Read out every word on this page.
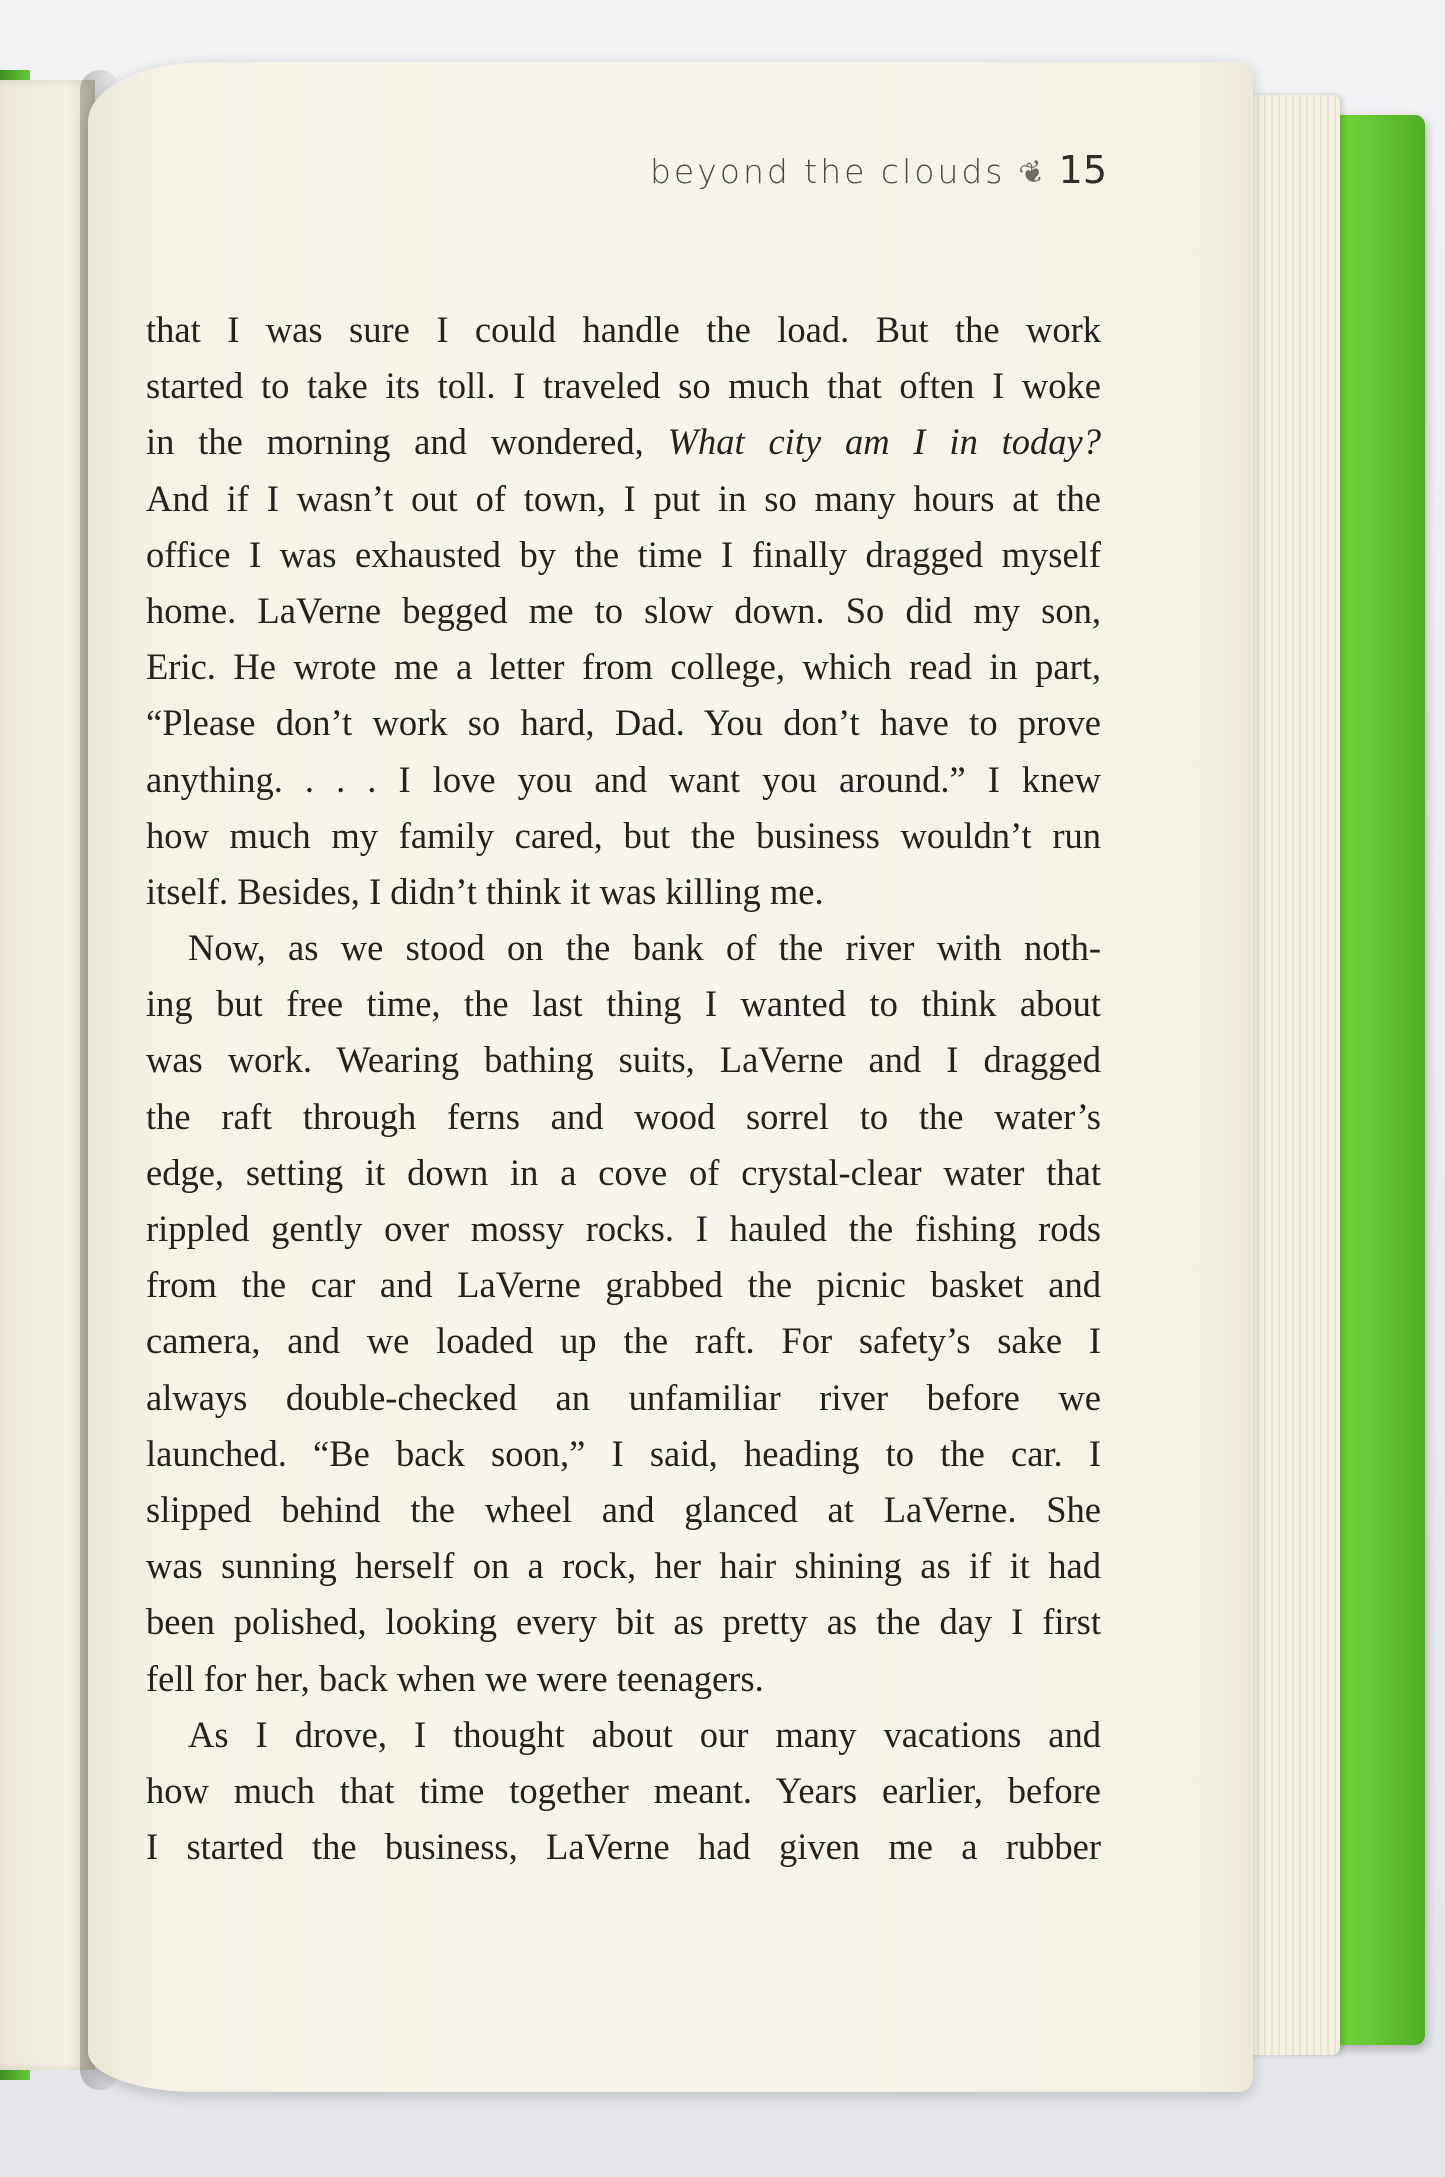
beyond the clouds ❦ 15
that I was sure I could handle the load. But the work
started to take its toll. I traveled so much that often I woke
in the morning and wondered, What city am I in today?
And if I wasn’t out of town, I put in so many hours at the
office I was exhausted by the time I finally dragged myself
home. LaVerne begged me to slow down. So did my son,
Eric. He wrote me a letter from college, which read in part,
“Please don’t work so hard, Dad. You don’t have to prove
anything. . . . I love you and want you around.” I knew
how much my family cared, but the business wouldn’t run
itself. Besides, I didn’t think it was killing me.
Now, as we stood on the bank of the river with noth-
ing but free time, the last thing I wanted to think about
was work. Wearing bathing suits, LaVerne and I dragged
the raft through ferns and wood sorrel to the water’s
edge, setting it down in a cove of crystal-clear water that
rippled gently over mossy rocks. I hauled the fishing rods
from the car and LaVerne grabbed the picnic basket and
camera, and we loaded up the raft. For safety’s sake I
always double-checked an unfamiliar river before we
launched. “Be back soon,” I said, heading to the car. I
slipped behind the wheel and glanced at LaVerne. She
was sunning herself on a rock, her hair shining as if it had
been polished, looking every bit as pretty as the day I first
fell for her, back when we were teenagers.
As I drove, I thought about our many vacations and
how much that time together meant. Years earlier, before
I started the business, LaVerne had given me a rubber
